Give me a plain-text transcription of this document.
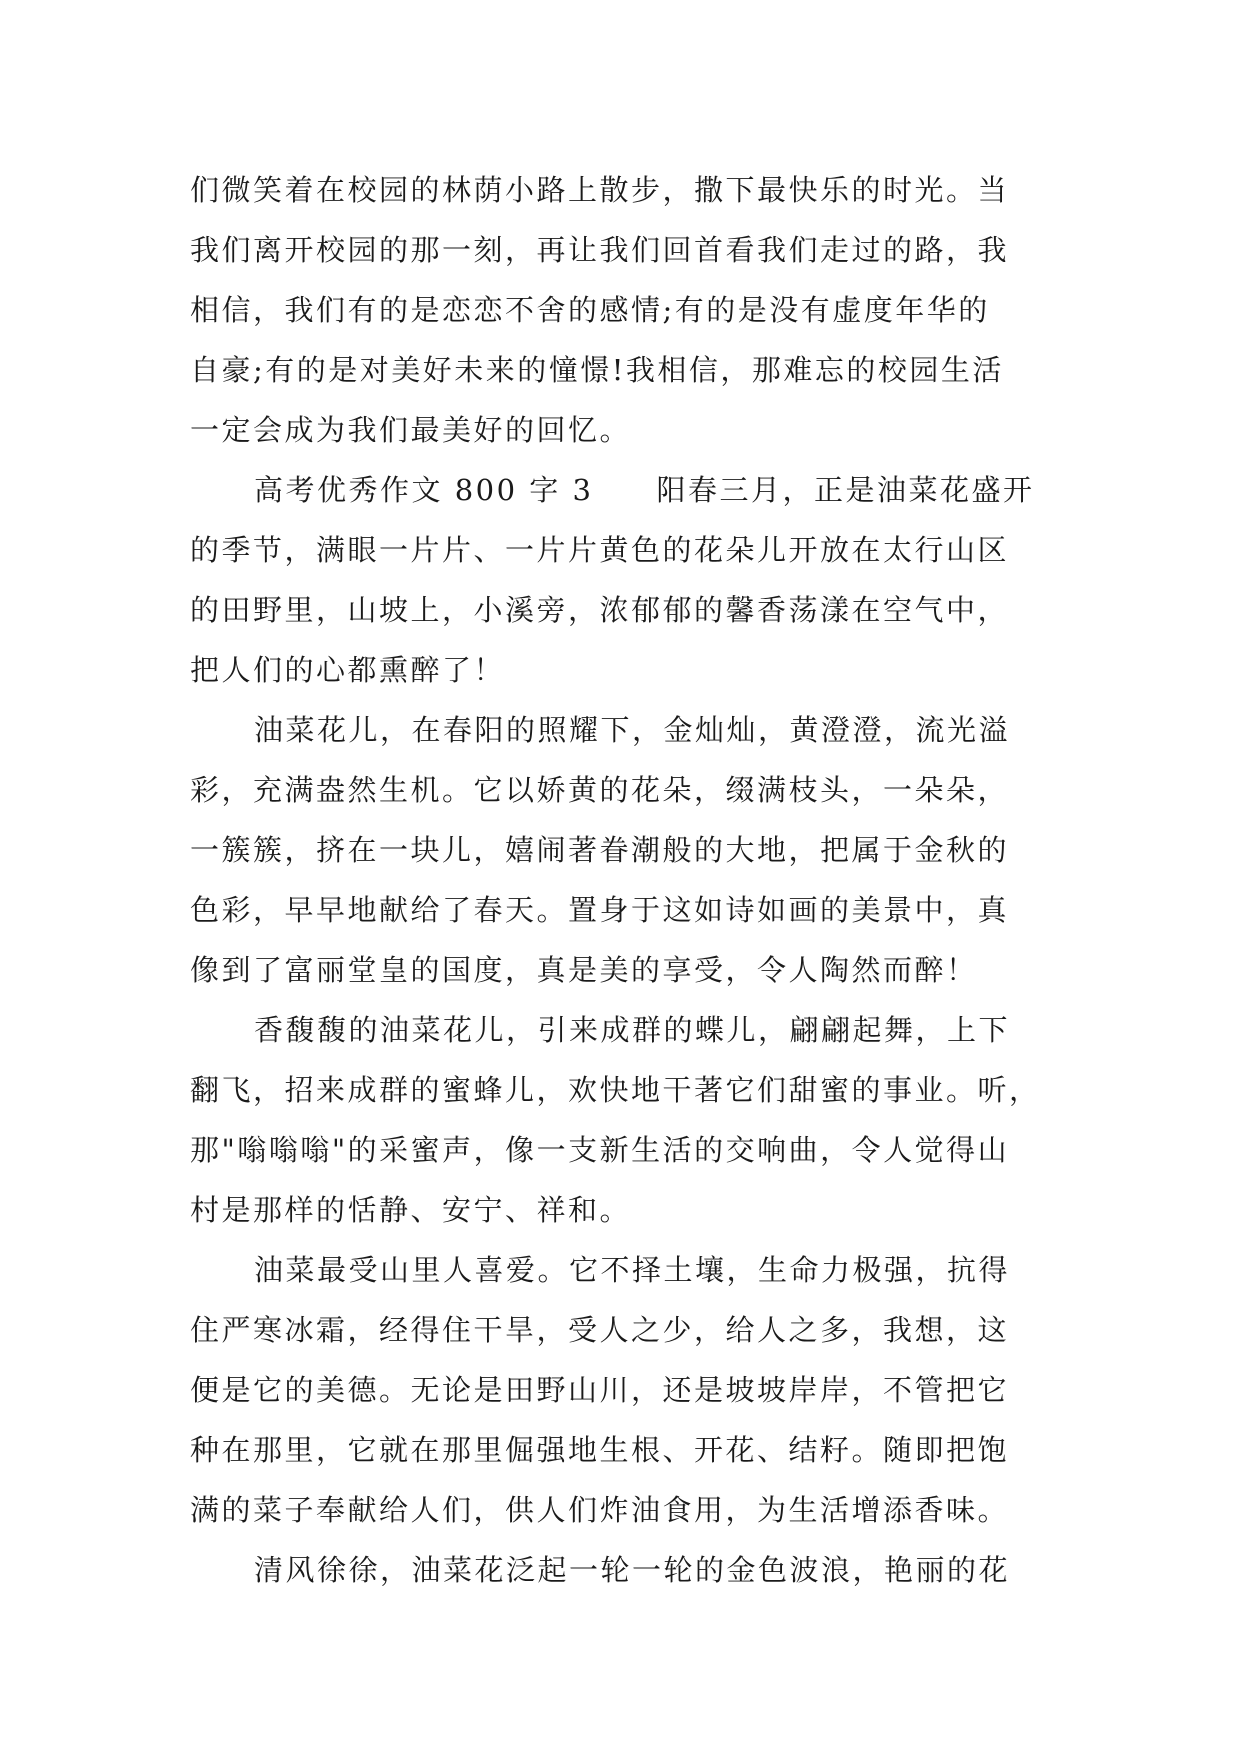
们微笑着在校园的林荫小路上散步，撒下最快乐的时光。当
我们离开校园的那一刻，再让我们回首看我们走过的路，我
相信，我们有的是恋恋不舍的感情;有的是没有虚度年华的
自豪;有的是对美好未来的憧憬!我相信，那难忘的校园生活
一定会成为我们最美好的回忆。
高考优秀作文 800 字 3　　阳春三月，正是油菜花盛开
的季节，满眼一片片、一片片黄色的花朵儿开放在太行山区
的田野里，山坡上，小溪旁，浓郁郁的馨香荡漾在空气中，
把人们的心都熏醉了！
油菜花儿，在春阳的照耀下，金灿灿，黄澄澄，流光溢
彩，充满盎然生机。它以娇黄的花朵，缀满枝头，一朵朵，
一簇簇，挤在一块儿，嬉闹著眷潮般的大地，把属于金秋的
色彩，早早地献给了春天。置身于这如诗如画的美景中，真
像到了富丽堂皇的国度，真是美的享受，令人陶然而醉！
香馥馥的油菜花儿，引来成群的蝶儿，翩翩起舞，上下
翻飞，招来成群的蜜蜂儿，欢快地干著它们甜蜜的事业。听，
那"嗡嗡嗡"的采蜜声，像一支新生活的交响曲，令人觉得山
村是那样的恬静、安宁、祥和。
油菜最受山里人喜爱。它不择土壤，生命力极强，抗得
住严寒冰霜，经得住干旱，受人之少，给人之多，我想，这
便是它的美德。无论是田野山川，还是坡坡岸岸，不管把它
种在那里，它就在那里倔强地生根、开花、结籽。随即把饱
满的菜子奉献给人们，供人们炸油食用，为生活增添香味。
清风徐徐，油菜花泛起一轮一轮的金色波浪，艳丽的花
